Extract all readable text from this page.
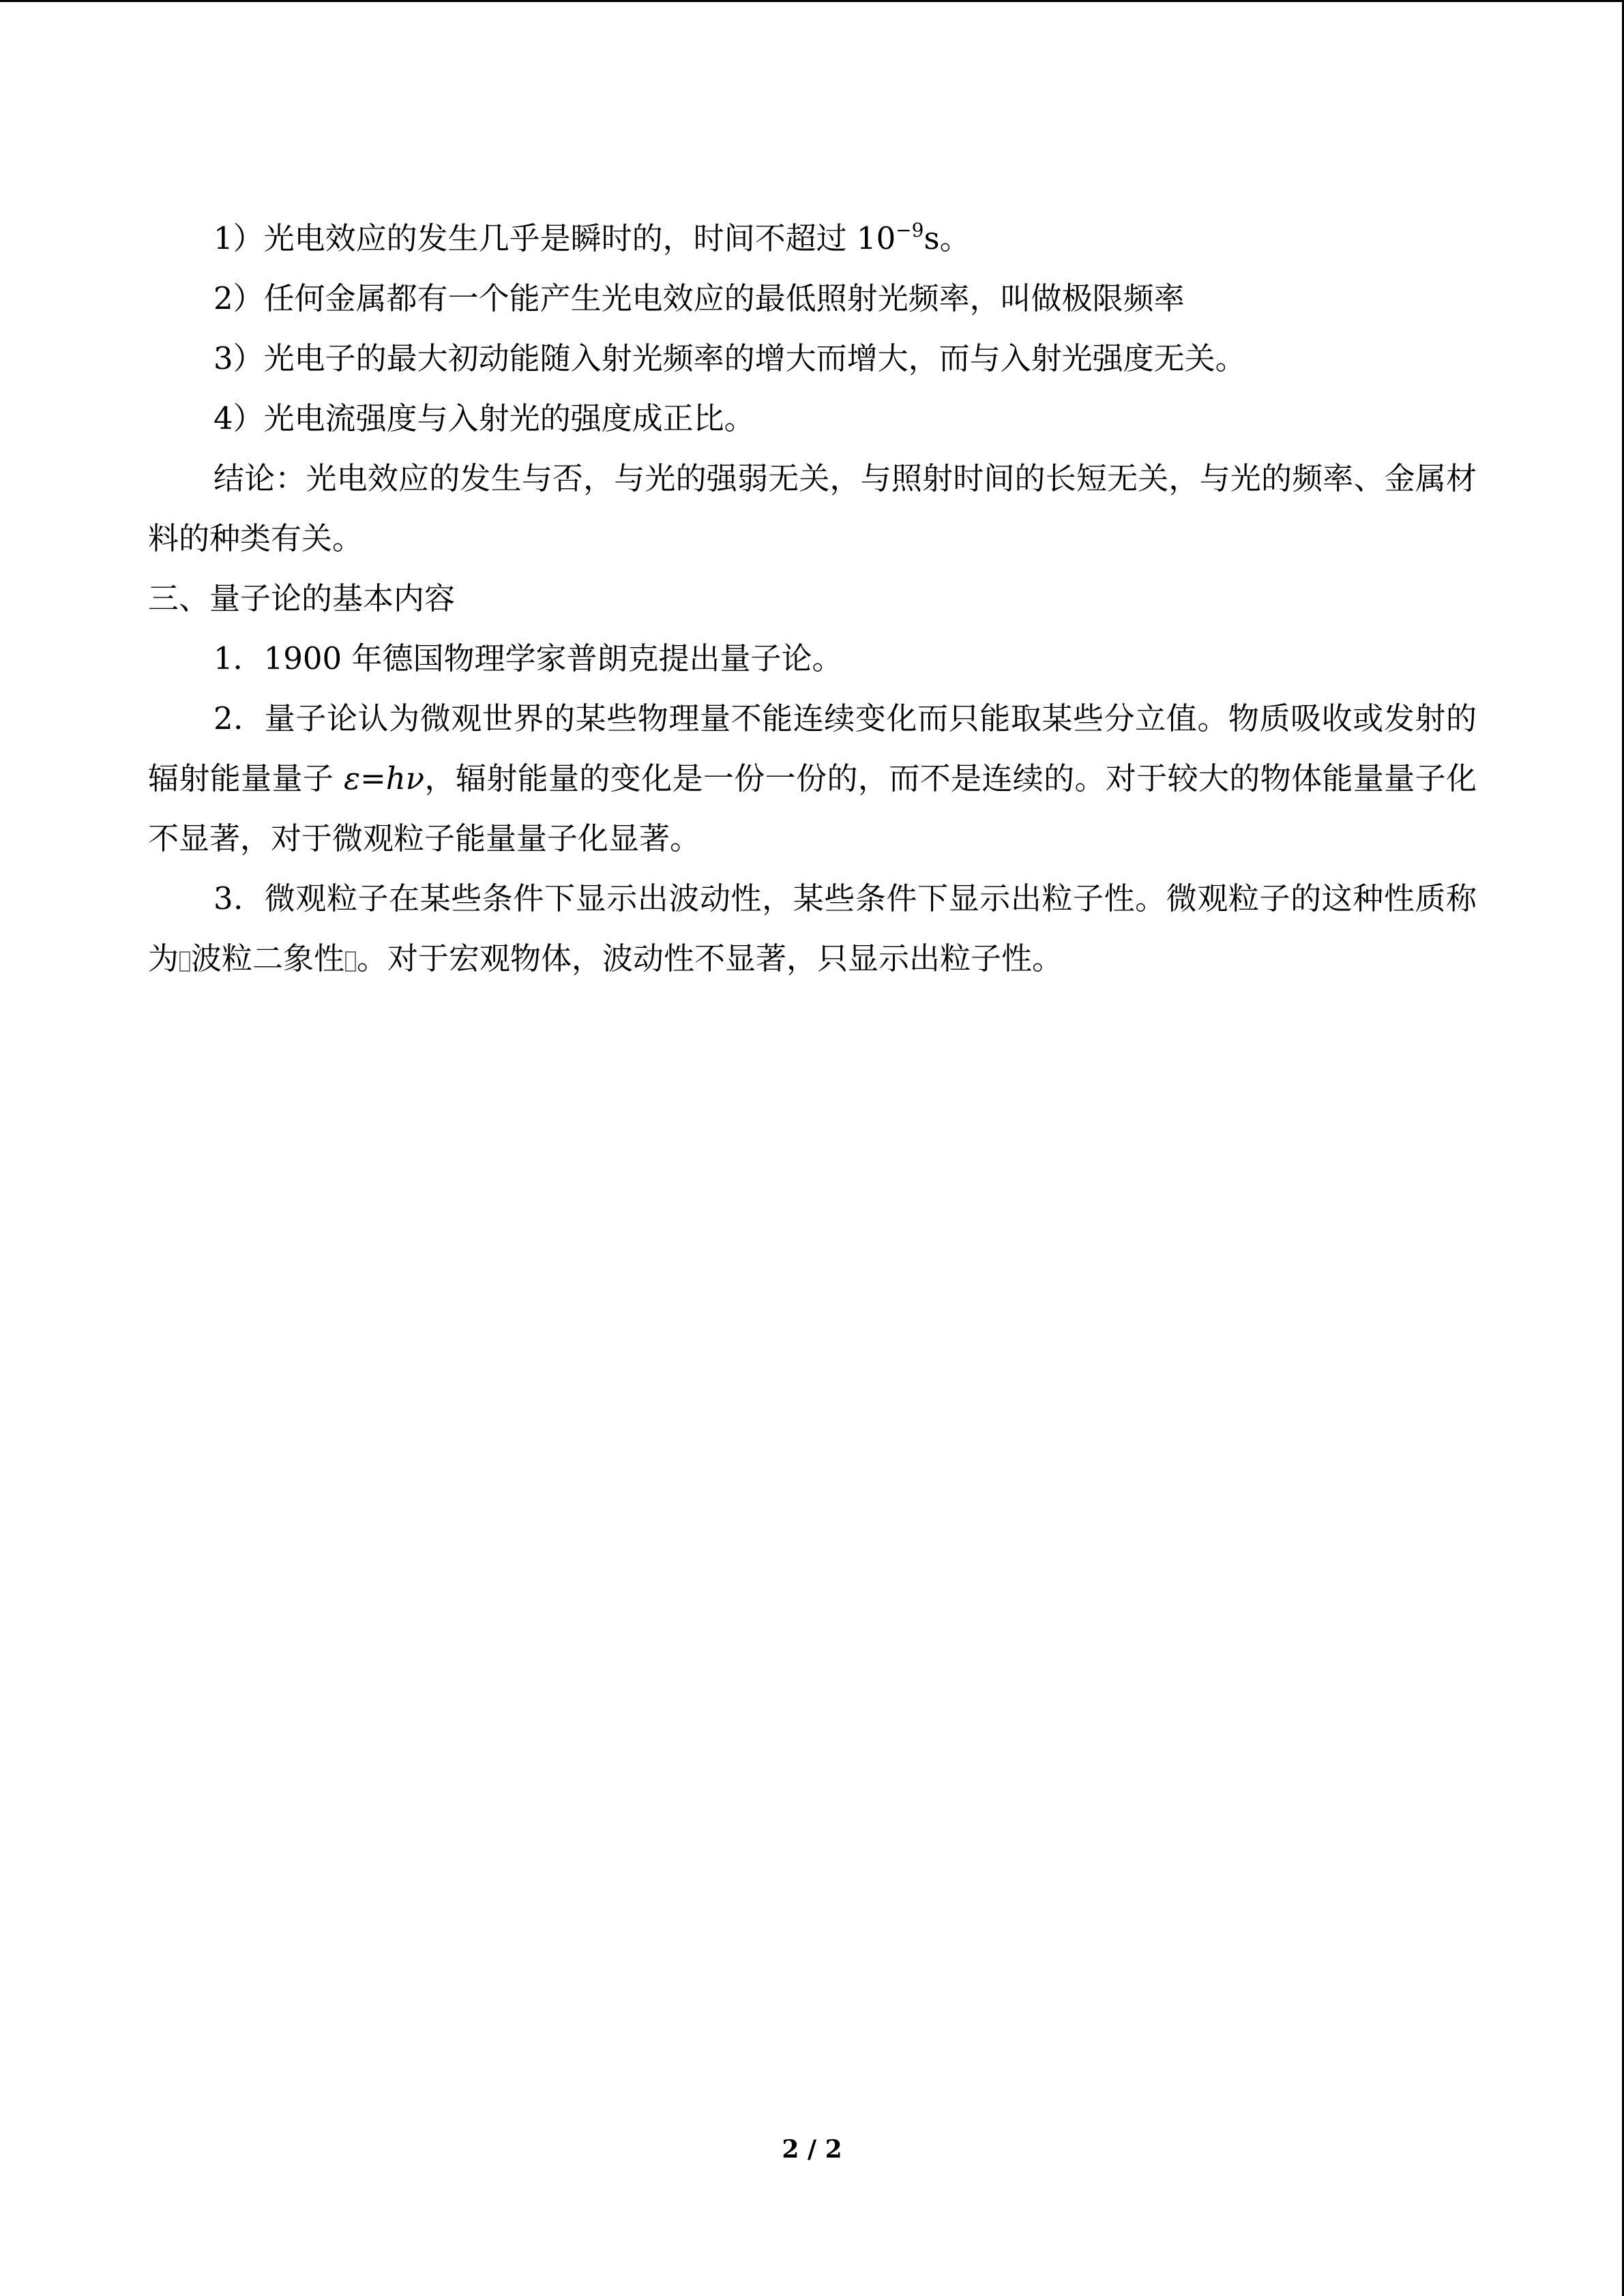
1）光电效应的发生几乎是瞬时的，时间不超过 $10^{-9}s$。

2）任何金属都有一个能产生光电效应的最低照射光频率，叫做极限频率

3）光电子的最大初动能随入射光频率的增大而增大，而与入射光强度无关。

4）光电流强度与入射光的强度成正比。

结论：光电效应的发生与否，与光的强弱无关，与照射时间的长短无关，与光的频率、金属材料的种类有关。

三、量子论的基本内容

1．1900 年德国物理学家普朗克提出量子论。

2．量子论认为微观世界的某些物理量不能连续变化而只能取某些分立值。物质吸收或发射的辐射能量量子 ε=hν，辐射能量的变化是一份一份的，而不是连续的。对于较大的物体能量量子化不显著，对于微观粒子能量量子化显著。

3．微观粒子在某些条件下显示出波动性，某些条件下显示出粒子性。微观粒子的这种性质称为 波粒二象性 。对于宏观物体，波动性不显著，只显示出粒子性。

2 / 2
